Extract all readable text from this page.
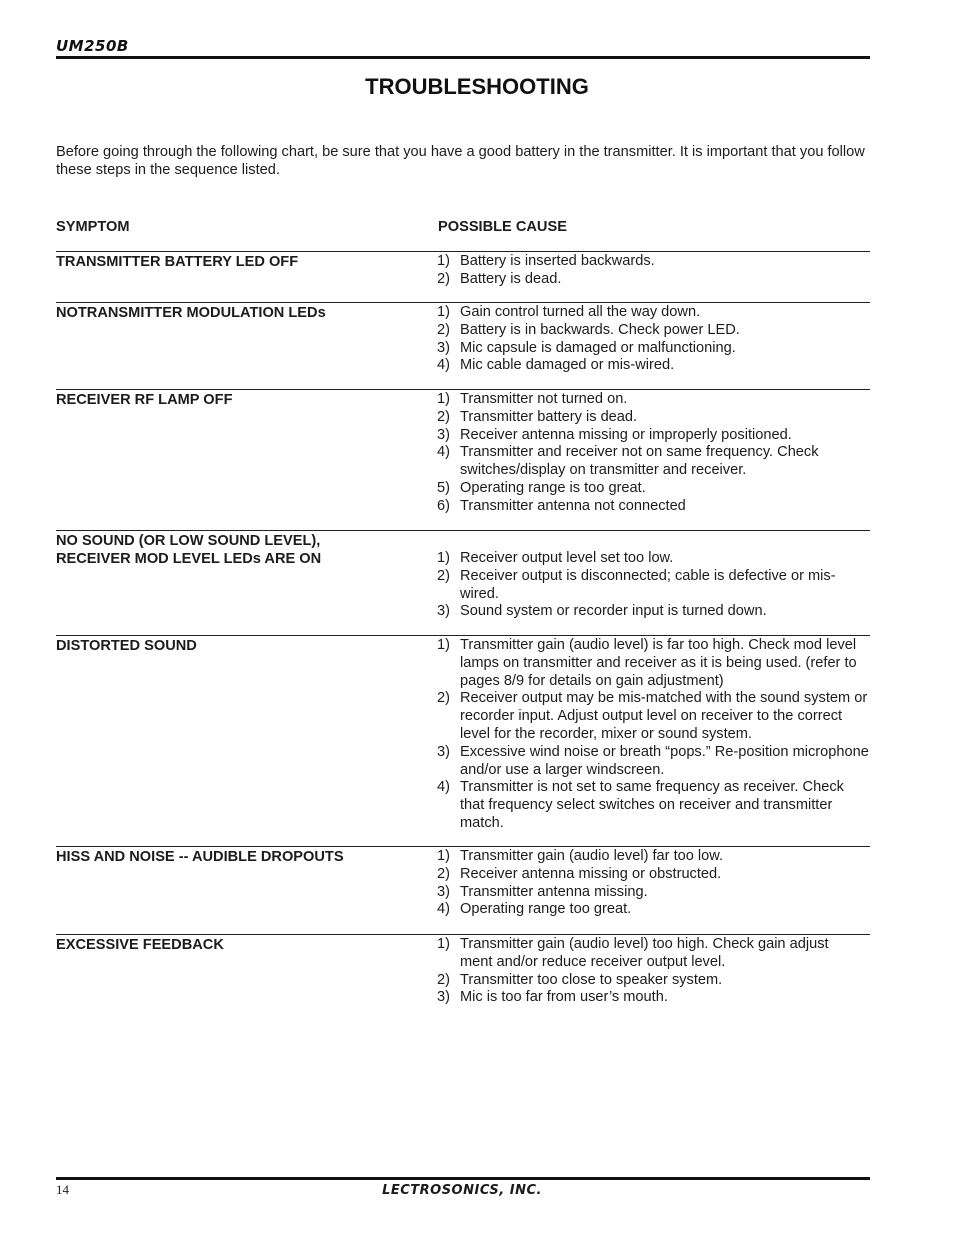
UM250B
TROUBLESHOOTING
Before going through the following chart, be sure that you have a good battery in the transmitter. It is important that you follow these steps in the sequence listed.
SYMPTOM	POSSIBLE CAUSE
TRANSMITTER BATTERY LED OFF	1) Battery is inserted backwards.
2) Battery is dead.
NOTRANSMITTER MODULATION LEDs	1) Gain control turned all the way down.
2) Battery is in backwards. Check power LED.
3) Mic capsule is damaged or malfunctioning.
4) Mic cable damaged or mis-wired.
RECEIVER RF LAMP OFF	1) Transmitter not turned on.
2) Transmitter battery is dead.
3) Receiver antenna missing or improperly positioned.
4) Transmitter and receiver not on same frequency. Check switches/display on transmitter and receiver.
5) Operating range is too great.
6) Transmitter antenna not connected
NO SOUND (OR LOW SOUND LEVEL), RECEIVER MOD LEVEL LEDs ARE ON	1) Receiver output level set too low.
2) Receiver output is disconnected; cable is defective or mis-wired.
3) Sound system or recorder input is turned down.
DISTORTED SOUND	1) Transmitter gain (audio level) is far too high. Check mod level lamps on transmitter and receiver as it is being used. (refer to pages 8/9 for details on gain adjustment)
2) Receiver output may be mis-matched with the sound system or recorder input. Adjust output level on receiver to the correct level for the recorder, mixer or sound system.
3) Excessive wind noise or breath “pops.” Re-position microphone and/or use a larger windscreen.
4) Transmitter is not set to same frequency as receiver. Check that frequency select switches on receiver and transmitter match.
HISS AND NOISE -- AUDIBLE DROPOUTS	1) Transmitter gain (audio level) far too low.
2) Receiver antenna missing or obstructed.
3) Transmitter antenna missing.
4) Operating range too great.
EXCESSIVE FEEDBACK	1) Transmitter gain (audio level) too high. Check gain adjust ment and/or reduce receiver output level.
2) Transmitter too close to speaker system.
3) Mic is too far from user’s mouth.
14	LECTROSONICS, INC.
